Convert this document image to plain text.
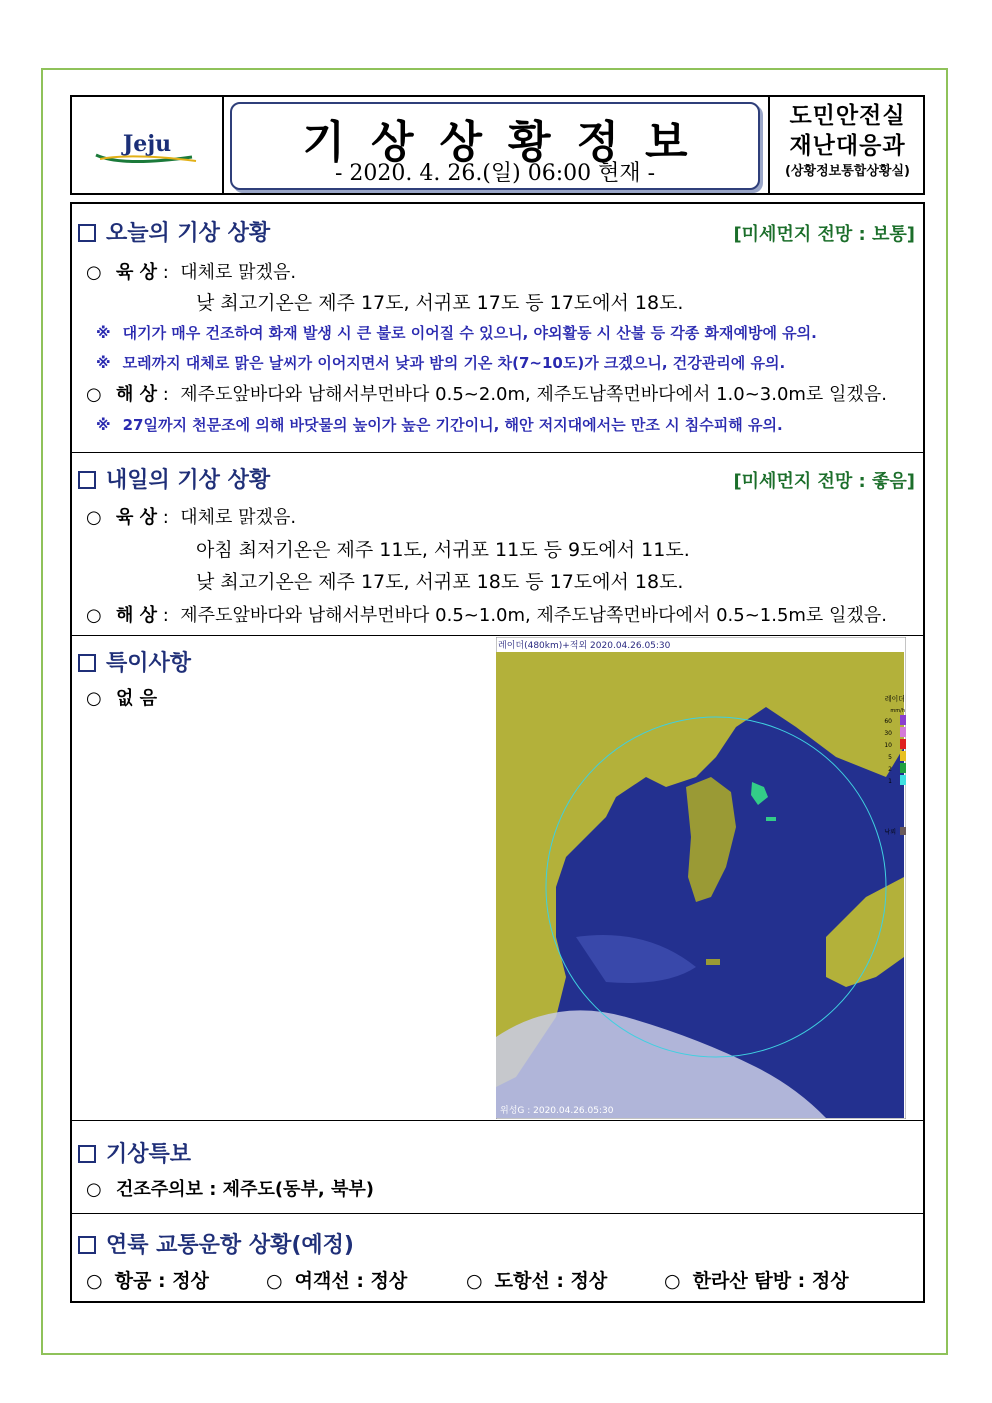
Jeju	기상상황정보
- 2020. 4. 26.(일) 06:00 현재 -
도민안전실
재난대응과
(상황정보통합상황실)
오늘의 기상 상황	[미세먼지 전망 : 보통]
○ 육 상 :  대체로 맑겠음.
낮 최고기온은 제주 17도, 서귀포 17도 등 17도에서 18도.
※ 대기가 매우 건조하여 화재 발생 시 큰 불로 이어질 수 있으니, 야외활동 시 산불 등 각종 화재예방에 유의.
※ 모레까지 대체로 맑은 날씨가 이어지면서 낮과 밤의 기온 차(7~10도)가 크겠으니, 건강관리에 유의.
○ 해 상 :  제주도앞바다와 남해서부먼바다 0.5~2.0m, 제주도남쪽먼바다에서 1.0~3.0m로 일겠음.
※ 27일까지 천문조에 의해 바닷물의 높이가 높은 기간이니, 해안 저지대에서는 만조 시 침수피해 유의.
내일의 기상 상황	[미세먼지 전망 : 좋음]
○ 육 상 :  대체로 맑겠음.
아침 최저기온은 제주 11도, 서귀포 11도 등 9도에서 11도.
낮 최고기온은 제주 17도, 서귀포 18도 등 17도에서 18도.
○ 해 상 :  제주도앞바다와 남해서부먼바다 0.5~1.0m, 제주도남쪽먼바다에서 0.5~1.5m로 일겠음.
특이사항
○ 없 음
레이더(480km)+적외 2020.04.26.05:30
레이더
mm/h
위성G : 2020.04.26.05:30
60
30
10
5
2
1
낙뢰
기상특보
○ 건조주의보 : 제주도(동부, 북부)
연륙 교통운항 상황(예정)
○  항공 : 정상	○  여객선 : 정상	○  도항선 : 정상	○  한라산 탐방 : 정상
